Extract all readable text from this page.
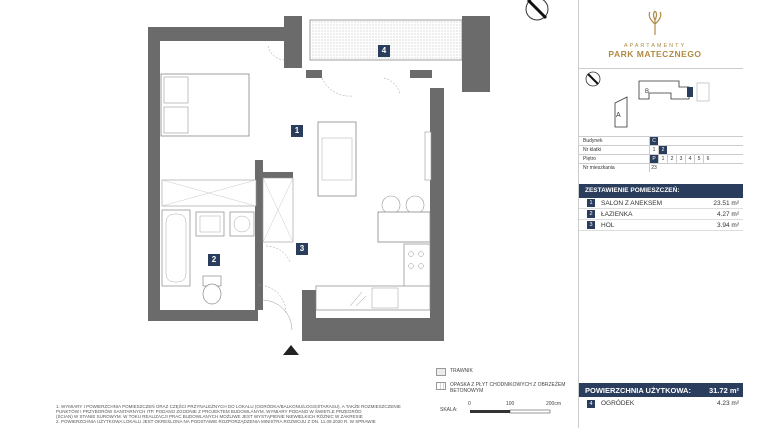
1
2
3
4
TRAWNIK
OPASKA Z PŁYT CHODNIKOWYCH Z OBRZEŻEM BETONOWYM
1. WYMIARY I POWIERZCHNIA POMIESZCZEŃ ORAZ CZĘŚCI PRZYNALEŻNYCH DO LOKALU (OGRÓDKA/BALKONU/LOGGII/TARASU), A TAKŻE ROZMIESZCZENIE
PUNKTÓW I PRZYBORÓW SANITARNYCH ITP. PODANO ZGODNIE Z PROJEKTEM BUDOWLANYM. WYMIARY PODANO W ŚWIETLE PRZEGRÓD
(ŚCIAN) W STANIE SUROWYM. W TOKU REALIZACJI PRAC BUDOWLANYCH MOŻLIWE JEST WYSTĄPIENIE NIEWIELKICH RÓŻNIC W ZAKRESIE
2. POWIERZCHNIA UŻYTKOWA LOKALU JEST OKREŚLONA NA PODSTAWIE ROZPORZĄDZENIA MINISTRA ROZWOJU Z DN. 11.09.2020 R. W SPRAWIE
SKALA:
0	100	200cm
APARTAMENTY
PARK MATECZNEGO
B
A
Budynek	C
Nr klatki	1	2
Piętro	P	1	2	3	4	5	6
Nr mieszkania	23
ZESTAWIENIE POMIESZCZEŃ:
1	SALON Z ANEKSEM	23.51 m²
2	ŁAZIENKA	4.27 m²
3	HOL	3.94 m²
POWIERZCHNIA UŻYTKOWA: 31.72 m²
4	OGRÓDEK	4.23 m²
